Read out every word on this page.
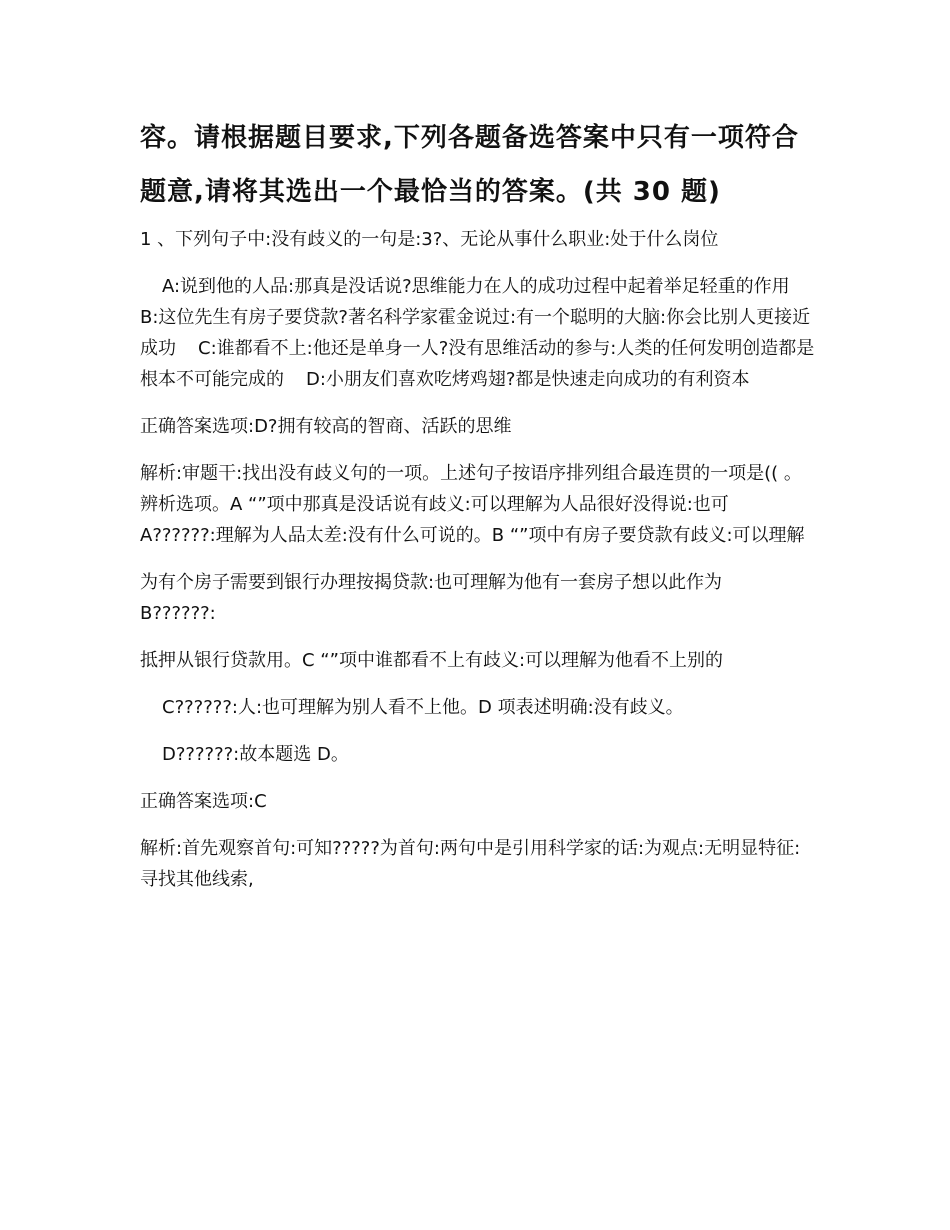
容。请根据题目要求,下列各题备选答案中只有一项符合
题意,请将其选出一个最恰当的答案。(共 30 题)

1 、下列句子中:没有歧义的一句是:3?、无论从事什么职业:处于什么岗位

A:说到他的人品:那真是没话说?思维能力在人的成功过程中起着举足轻重的作用B:这位先生有房子要贷款?著名科学家霍金说过:有一个聪明的大脑:你会比别人更接近成功 C:谁都看不上:他还是单身一人?没有思维活动的参与:人类的任何发明创造都是根本不可能完成的 D:小朋友们喜欢吃烤鸡翅?都是快速走向成功的有利资本

正确答案选项:D?拥有较高的智商、活跃的思维

解析:审题干:找出没有歧义句的一项。上述句子按语序排列组合最连贯的一项是(( 。辨析选项。A “”项中那真是没话说有歧义:可以理解为人品很好没得说:也可A??????:理解为人品太差:没有什么可说的。B “”项中有房子要贷款有歧义:可以理解

为有个房子需要到银行办理按揭贷款:也可理解为他有一套房子想以此作为B??????:

抵押从银行贷款用。C “”项中谁都看不上有歧义:可以理解为他看不上别的

C??????:人:也可理解为别人看不上他。D 项表述明确:没有歧义。

D??????:故本题选 D。

正确答案选项:C

解析:首先观察首句:可知?????为首句:两句中是引用科学家的话:为观点:无明显特征:寻找其他线索,
